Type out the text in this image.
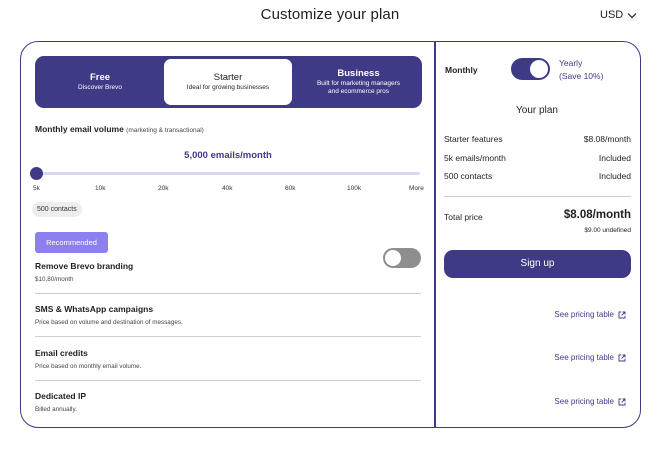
Customize your plan	USD
Free
Discover Brevo
Starter
Ideal for growing businesses
Business
Built for marketing managers
and ecommerce pros
Monthly email volume (marketing & transactional)
5,000 emails/month
5k	10k	20k	40k	60k	100k	More
500 contacts
Recommended
Remove Brevo branding
$10.80/month
SMS & WhatsApp campaigns
Price based on volume and destination of messages.
See pricing table
Email credits
Price based on monthly email volume.
See pricing table
Dedicated IP
Billed annually.
See pricing table
Monthly
Yearly
(Save 10%)
Your plan
Starter features	$8.08/month
5k emails/month	Included
500 contacts	Included
Total price	$8.08/month
$9.00 undefined
Sign up
